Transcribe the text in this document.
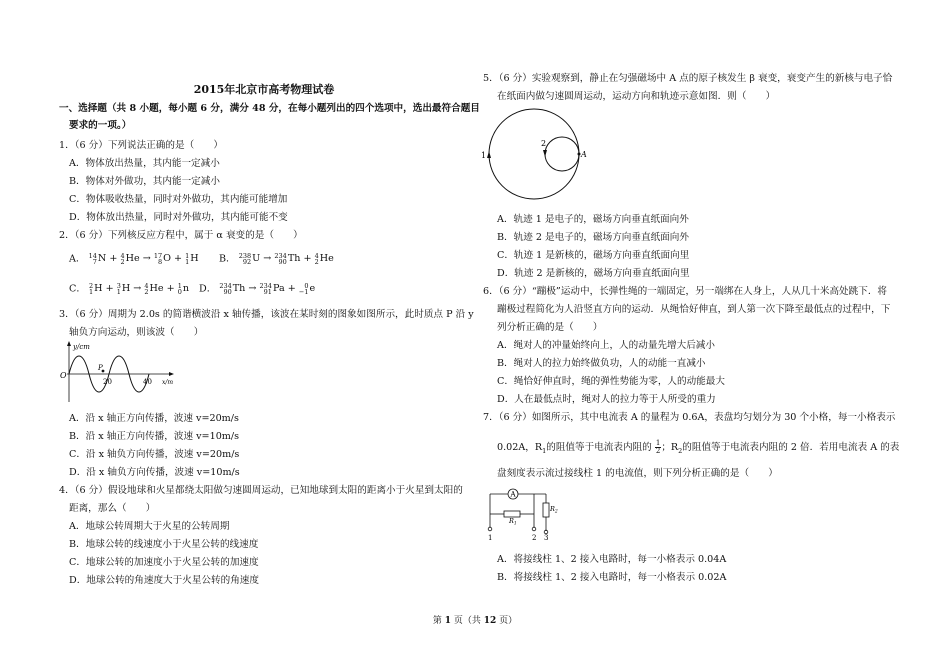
2015年北京市高考物理试卷
一、选择题（共 8 小题，每小题 6 分，满分 48 分，在每小题列出的四个选项中，选出最符合题目
要求的一项。）
1．（6 分）下列说法正确的是（　　）
A．物体放出热量，其内能一定减小
B．物体对外做功，其内能一定减小
C．物体吸收热量，同时对外做功，其内能可能增加
D．物体放出热量，同时对外做功，其内能可能不变
2．（6 分）下列核反应方程中，属于 α 衰变的是（　　）
A． 14
7 N + 4
2 He → 17
8 O + 1
1 H B． 238
92 U → 234
90 Th + 4
2 He
C． 2
1 H + 3
1 H → 4
2 He + 1
0 n D． 234
90 Th → 234
91 Pa +	0
−1 e
3．（6 分）周期为 2.0s 的简谐横波沿 x 轴传播，该波在某时刻的图象如图所示，此时质点 P 沿 y
轴负方向运动，则该波（　　）
y/cm
O
P
20	40 x/m
A．沿 x 轴正方向传播，波速 v=20m/s
B．沿 x 轴正方向传播，波速 v=10m/s
C．沿 x 轴负方向传播，波速 v=20m/s
D．沿 x 轴负方向传播，波速 v=10m/s
4．（6 分）假设地球和火星都绕太阳做匀速圆周运动，已知地球到太阳的距离小于火星到太阳的
距离，那么（　　）
A．地球公转周期大于火星的公转周期
B．地球公转的线速度小于火星公转的线速度
C．地球公转的加速度小于火星公转的加速度
D．地球公转的角速度大于火星公转的角速度
5．（6 分）实验观察到，静止在匀强磁场中 A 点的原子核发生 β 衰变，衰变产生的新核与电子恰
在纸面内做匀速圆周运动，运动方向和轨迹示意如图．则（　　）
1
2
A
A．轨迹 1 是电子的，磁场方向垂直纸面向外
B．轨迹 2 是电子的，磁场方向垂直纸面向外
C．轨迹 1 是新核的，磁场方向垂直纸面向里
D．轨迹 2 是新核的，磁场方向垂直纸面向里
6．（6 分）“蹦极”运动中，长弹性绳的一端固定，另一端绑在人身上，人从几十米高处跳下．将
蹦极过程简化为人沿竖直方向的运动．从绳恰好伸直，到人第一次下降至最低点的过程中，下
列分析正确的是（　　）
A．绳对人的冲量始终向上，人的动量先增大后减小
B．绳对人的拉力始终做负功，人的动能一直减小
C．绳恰好伸直时，绳的弹性势能为零，人的动能最大
D．人在最低点时，绳对人的拉力等于人所受的重力
7．（6 分）如图所示，其中电流表 A 的量程为 0.6A，表盘均匀划分为 30 个小格，每一小格表示
0.02A，$R_1$的阻值等于电流表内阻的 $\frac{1}{2}$ ；$R_2$的阻值等于电流表内阻的 2 倍．若用电流表 A 的表
盘刻度表示流过接线柱 1 的电流值，则下列分析正确的是（　　）
A
$R_1$
$R_2$
1	2 3
A．将接线柱 1、2 接入电路时，每一小格表示 0.04A
B．将接线柱 1、2 接入电路时，每一小格表示 0.02A
第 1 页（共 12 页）
